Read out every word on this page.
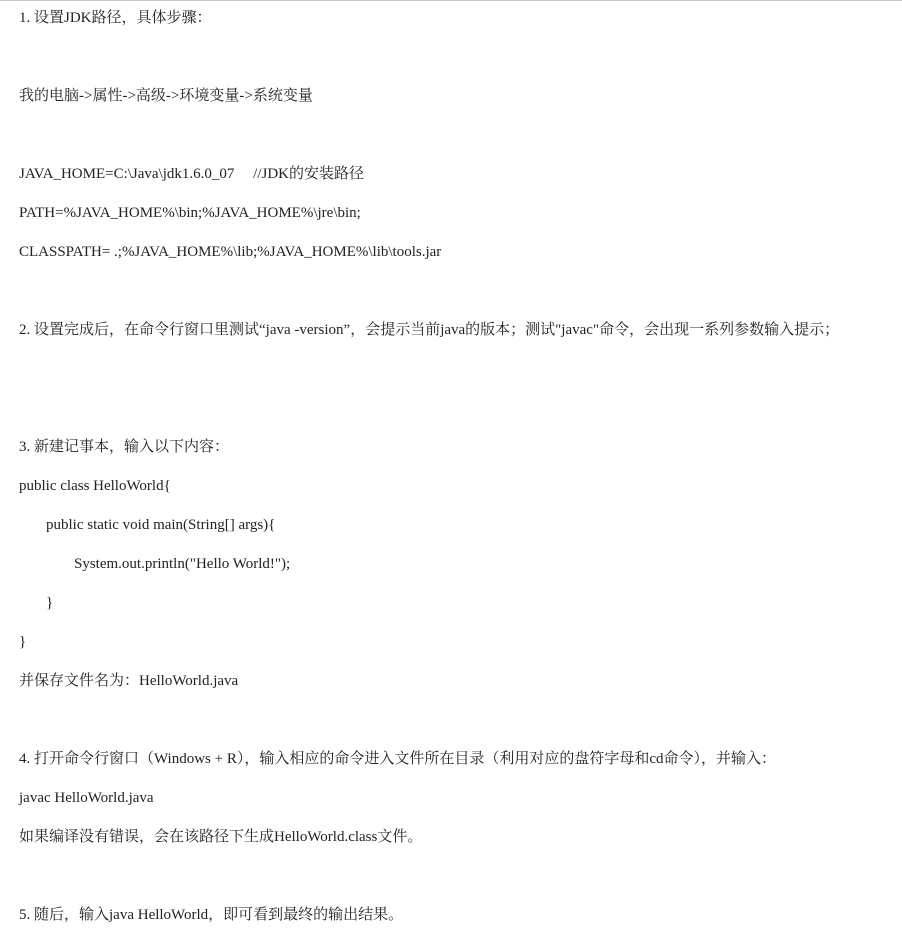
1. 设置JDK路径，具体步骤：
我的电脑->属性->高级->环境变量->系统变量
JAVA_HOME=C:\Java\jdk1.6.0_07     //JDK的安装路径
PATH=%JAVA_HOME%\bin;%JAVA_HOME%\jre\bin;
CLASSPATH= .;%JAVA_HOME%\lib;%JAVA_HOME%\lib\tools.jar
2. 设置完成后，在命令行窗口里测试“java -version”，会提示当前java的版本；测试"javac"命令，会出现一系列参数输入提示；
3. 新建记事本，输入以下内容：
public class HelloWorld{
public static void main(String[] args){
System.out.println("Hello World!");
}
}
并保存文件名为：HelloWorld.java
4. 打开命令行窗口（Windows + R），输入相应的命令进入文件所在目录（利用对应的盘符字母和cd命令），并输入：
javac HelloWorld.java
如果编译没有错误，会在该路径下生成HelloWorld.class文件。
5. 随后，输入java HelloWorld，即可看到最终的输出结果。
